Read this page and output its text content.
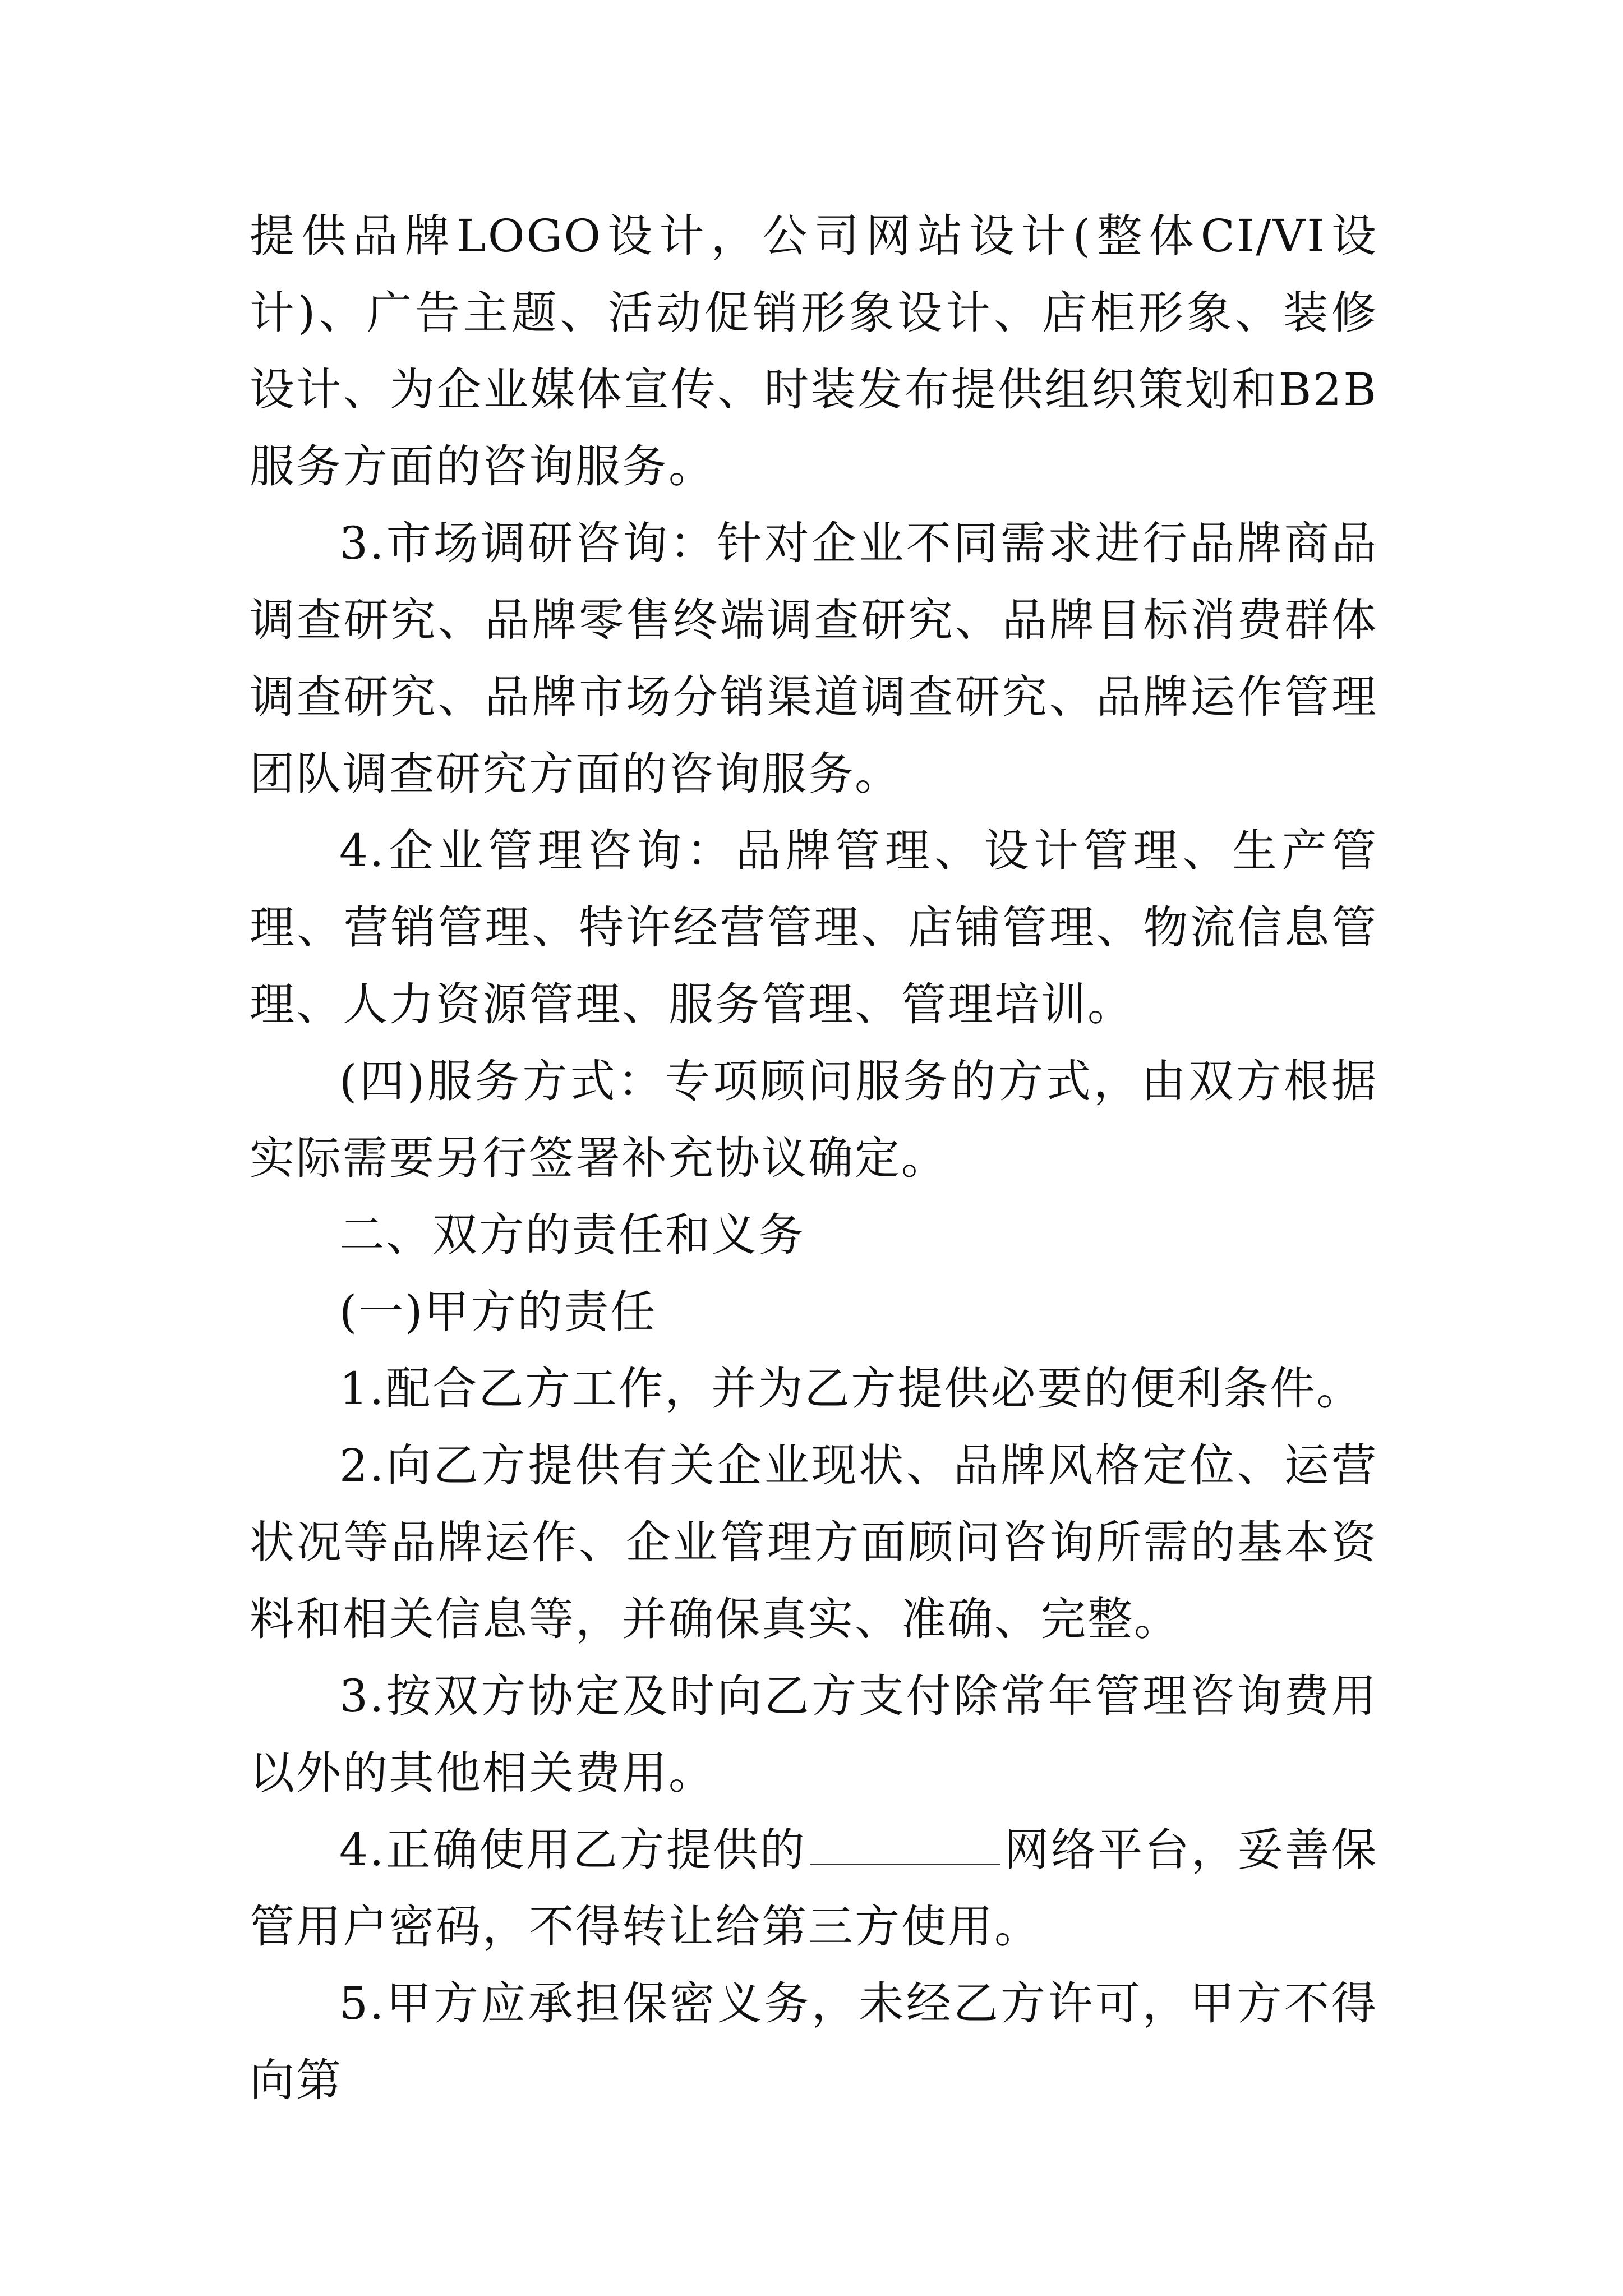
提供品牌LOGO设计，公司网站设计(整体CI/VI设计)、广告主题、活动促销形象设计、店柜形象、装修设计、为企业媒体宣传、时装发布提供组织策划和B2B服务方面的咨询服务。

3.市场调研咨询：针对企业不同需求进行品牌商品调查研究、品牌零售终端调查研究、品牌目标消费群体调查研究、品牌市场分销渠道调查研究、品牌运作管理团队调查研究方面的咨询服务。

4.企业管理咨询：品牌管理、设计管理、生产管理、营销管理、特许经营管理、店铺管理、物流信息管理、人力资源管理、服务管理、管理培训。

(四)服务方式：专项顾问服务的方式，由双方根据实际需要另行签署补充协议确定。

二、双方的责任和义务

(一)甲方的责任

1.配合乙方工作，并为乙方提供必要的便利条件。

2.向乙方提供有关企业现状、品牌风格定位、运营状况等品牌运作、企业管理方面顾问咨询所需的基本资料和相关信息等，并确保真实、准确、完整。

3.按双方协定及时向乙方支付除常年管理咨询费用以外的其他相关费用。

4.正确使用乙方提供的	网络平台，妥善保管用户密码，不得转让给第三方使用。

5.甲方应承担保密义务，未经乙方许可，甲方不得向第
